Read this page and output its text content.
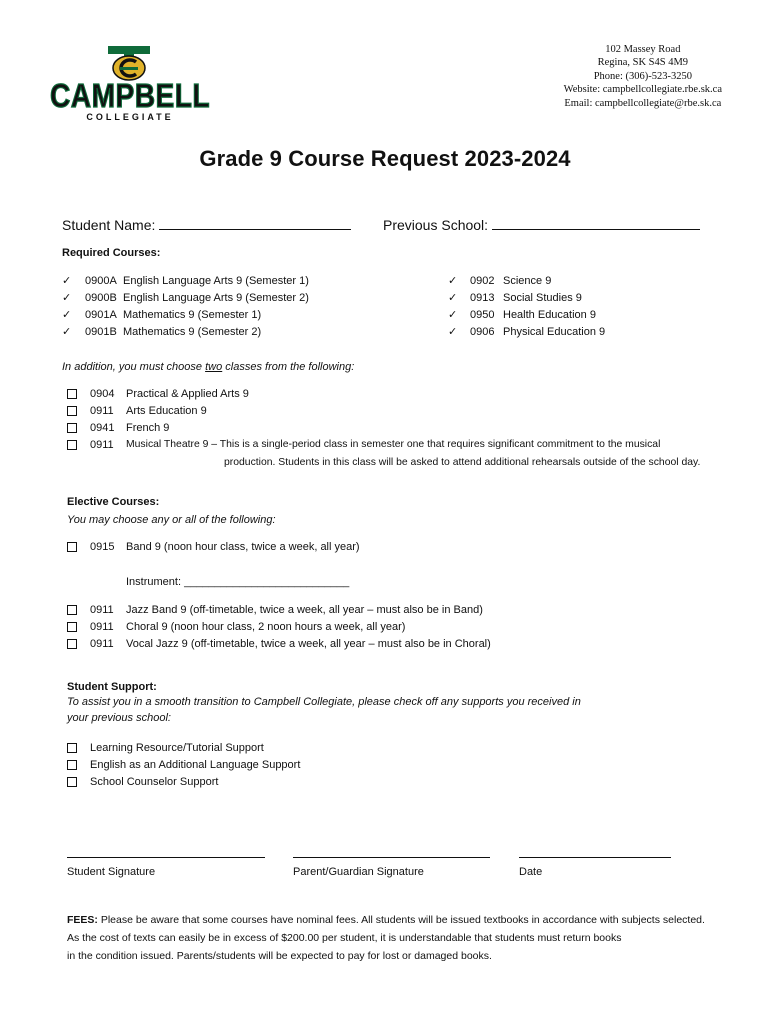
CAMPBELL
COLLEGIATE
102 Massey Road
Regina, SK S4S 4M9
Phone: (306)-523-3250
Website: campbellcollegiate.rbe.sk.ca
Email: campbellcollegiate@rbe.sk.ca
Grade 9 Course Request 2023-2024
Student Name:	Previous School:
Required Courses:
✓ 0900A English Language Arts 9 (Semester 1)
✓ 0900B English Language Arts 9 (Semester 2)
✓ 0901A Mathematics 9 (Semester 1)
✓ 0901B Mathematics 9 (Semester 2)
✓ 0902 Science 9
✓ 0913 Social Studies 9
✓ 0950 Health Education 9
✓ 0906 Physical Education 9
In addition, you must choose two classes from the following:
0904 Practical & Applied Arts 9
0911 Arts Education 9
0941 French 9
0911 Musical Theatre 9 – This is a single-period class in semester one that requires significant commitment to the musical
production. Students in this class will be asked to attend additional rehearsals outside of the school day.
Elective Courses:
You may choose any or all of the following:
0915 Band 9 (noon hour class, twice a week, all year)
Instrument: ___________________________
0911 Jazz Band 9 (off-timetable, twice a week, all year – must also be in Band)
0911 Choral 9 (noon hour class, 2 noon hours a week, all year)
0911 Vocal Jazz 9 (off-timetable, twice a week, all year – must also be in Choral)
Student Support:
To assist you in a smooth transition to Campbell Collegiate, please check off any supports you received in
your previous school:
Learning Resource/Tutorial Support
English as an Additional Language Support
School Counselor Support
Student Signature	Parent/Guardian Signature	Date
FEES: Please be aware that some courses have nominal fees. All students will be issued textbooks in accordance with subjects selected.
As the cost of texts can easily be in excess of $200.00 per student, it is understandable that students must return books
in the condition issued. Parents/students will be expected to pay for lost or damaged books.
